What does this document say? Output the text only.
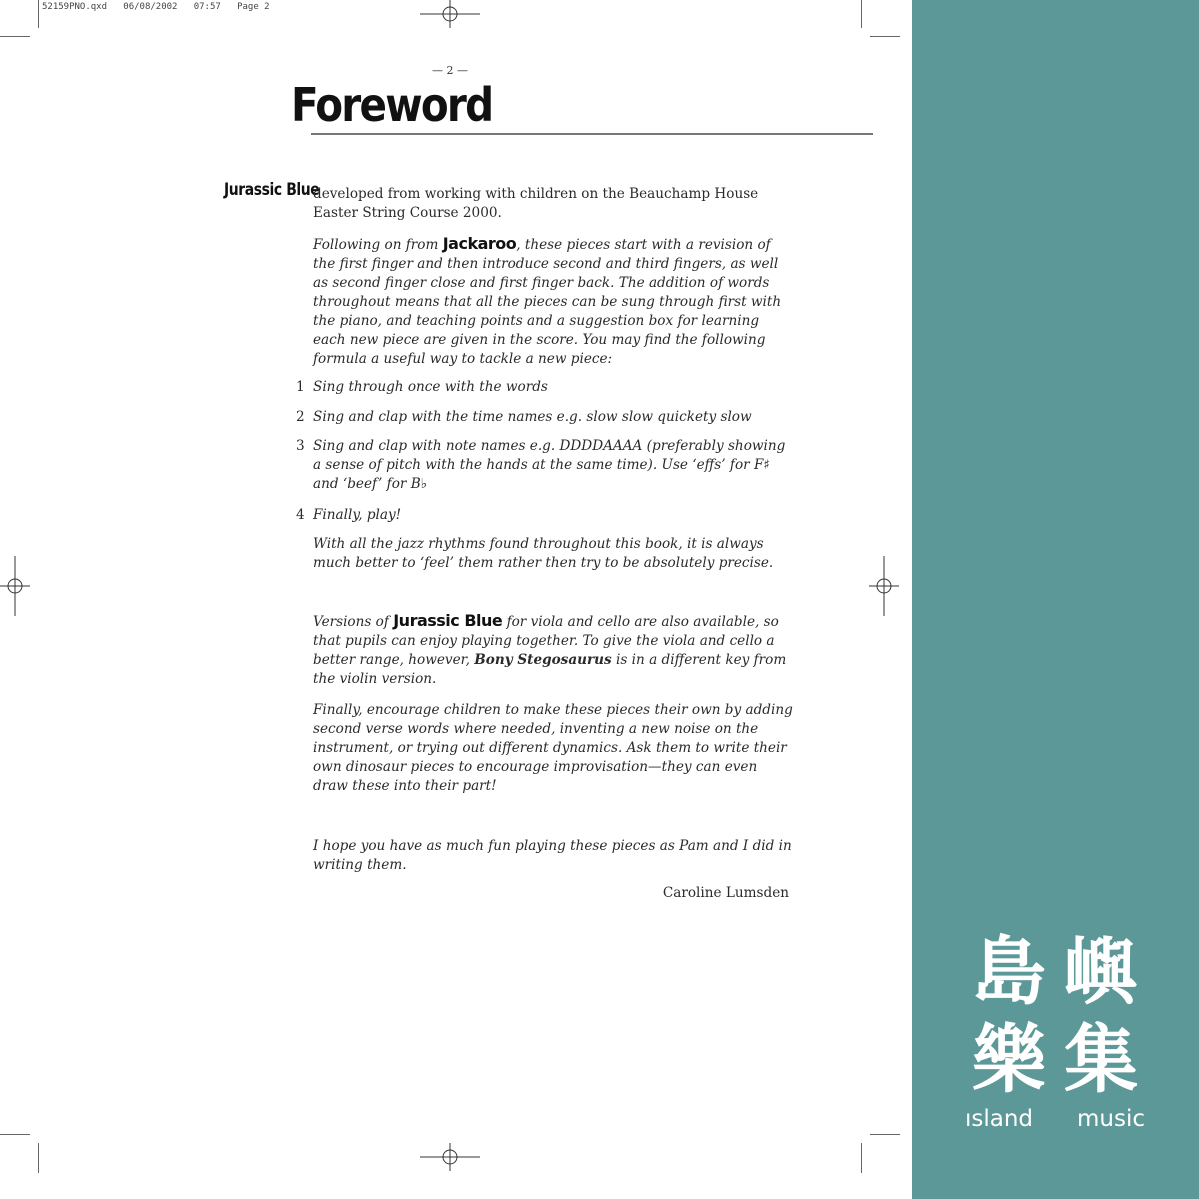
52159PNO.qxd   06/08/2002   07:57   Page 2
— 2 —
Foreword
Jurassic Blue
developed from working with children on the Beauchamp House Easter String Course 2000.
Following on from Jackaroo, these pieces start with a revision of the first finger and then introduce second and third fingers, as well as second finger close and first finger back. The addition of words throughout means that all the pieces can be sung through first with the piano, and teaching points and a suggestion box for learning each new piece are given in the score. You may find the following formula a useful way to tackle a new piece:
1 Sing through once with the words
2 Sing and clap with the time names e.g. slow slow quickety slow
3 Sing and clap with note names e.g. DDDDAAAA (preferably showing a sense of pitch with the hands at the same time). Use ‘effs’ for F♯ and ‘beef’ for B♭
4 Finally, play!
With all the jazz rhythms found throughout this book, it is always much better to ‘feel’ them rather then try to be absolutely precise.
Versions of Jurassic Blue for viola and cello are also available, so that pupils can enjoy playing together. To give the viola and cello a better range, however, Bony Stegosaurus is in a different key from the violin version.
Finally, encourage children to make these pieces their own by adding second verse words where needed, inventing a new noise on the instrument, or trying out different dynamics. Ask them to write their own dinosaur pieces to encourage improvisation—they can even draw these into their part!
I hope you have as much fun playing these pieces as Pam and I did in writing them.
Caroline Lumsden
島 嶼
樂 集
ısland music
